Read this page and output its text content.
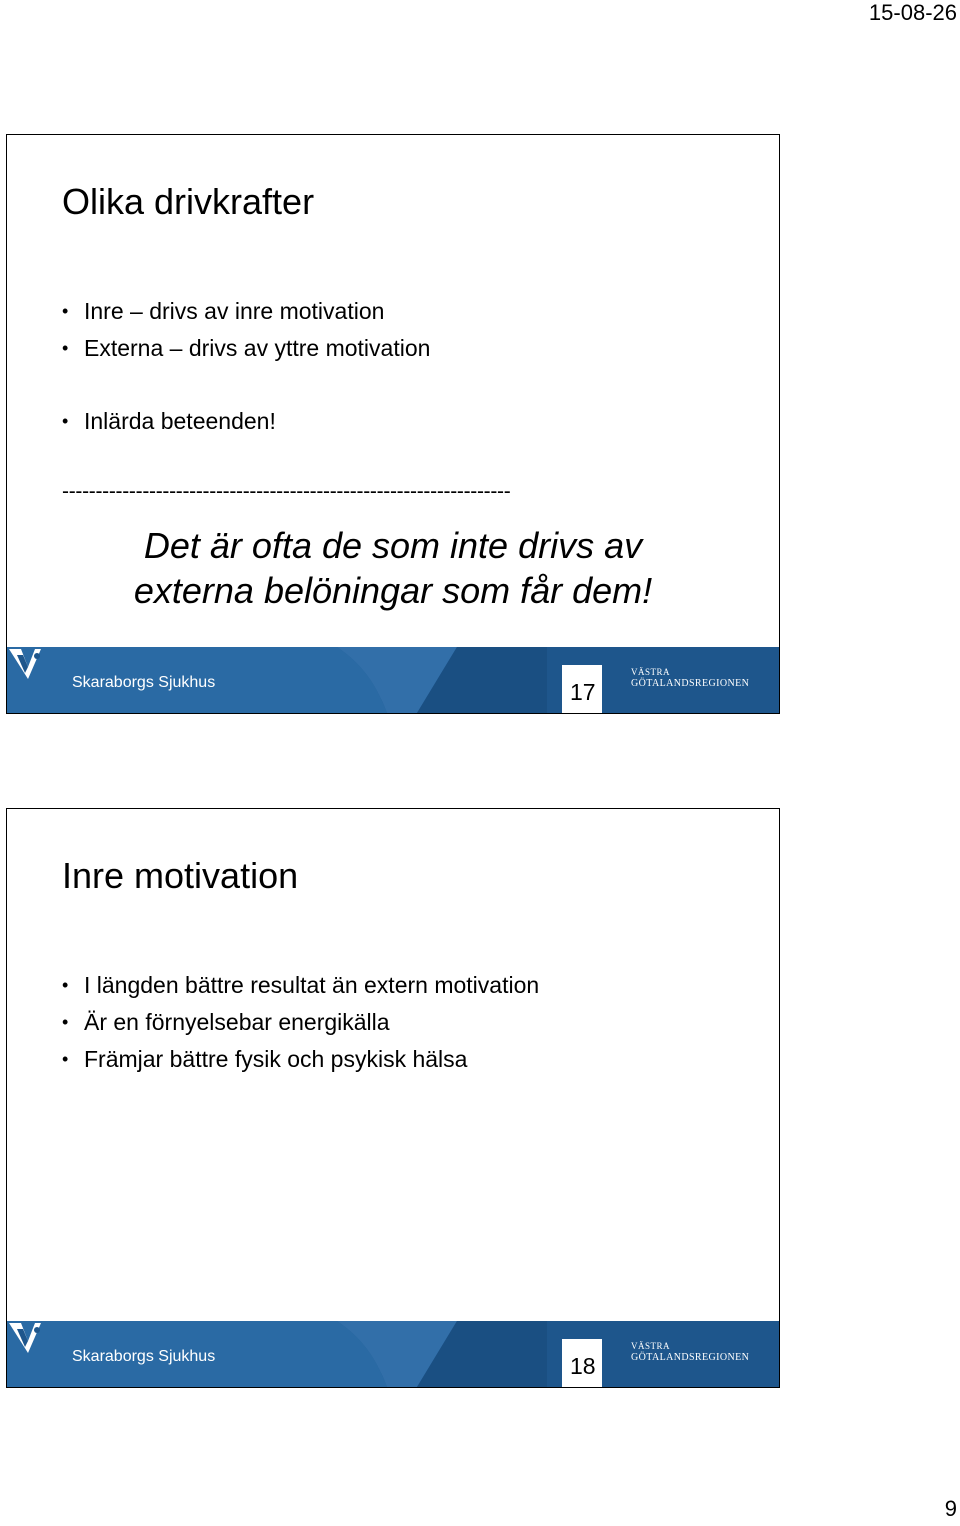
15-08-26
Olika drivkrafter
• Inre – drivs av inre motivation
• Externa – drivs av yttre motivation
• Inlärda beteenden!
-------------------------------------------------------------------
Det är ofta de som inte drivs av
externa belöningar som får dem!
Skaraborgs Sjukhus	17
VÄSTRA
GÖTALANDSREGIONEN
Inre motivation
• I längden bättre resultat än extern motivation
• Är en förnyelsebar energikälla
• Främjar bättre fysik och psykisk hälsa
Skaraborgs Sjukhus	18
VÄSTRA
GÖTALANDSREGIONEN
9
